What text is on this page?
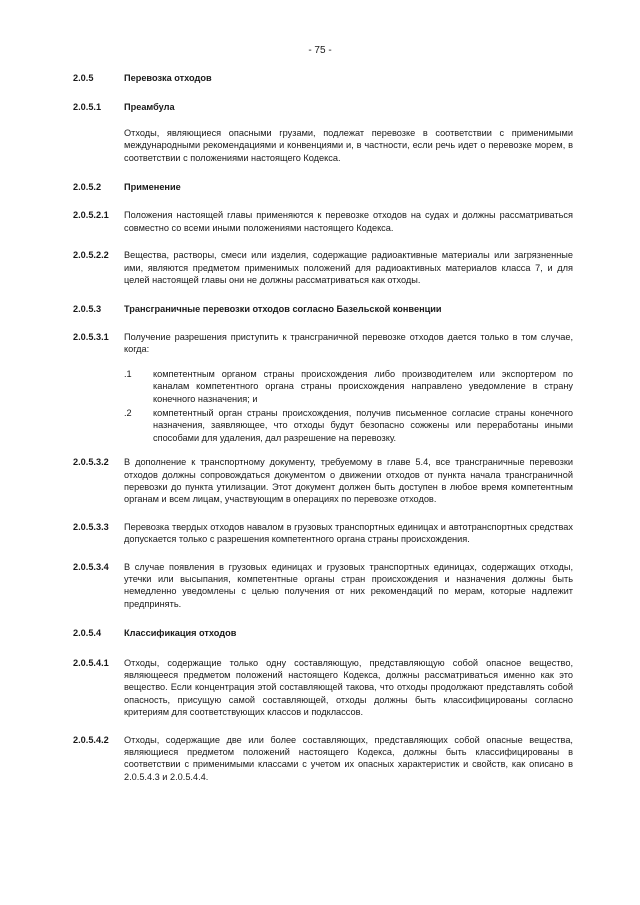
- 75 -
2.0.5	Перевозка отходов
2.0.5.1	Преамбула
Отходы, являющиеся опасными грузами, подлежат перевозке в соответствии с применимыми международными рекомендациями и конвенциями и, в частности, если речь идет о перевозке морем, в соответствии с положениями настоящего Кодекса.
2.0.5.2	Применение
2.0.5.2.1	Положения настоящей главы применяются к перевозке отходов на судах и должны рассматриваться совместно со всеми иными положениями настоящего Кодекса.
2.0.5.2.2	Вещества, растворы, смеси или изделия, содержащие радиоактивные материалы или загрязненные ими, являются предметом применимых положений для радиоактивных материалов класса 7, и для целей настоящей главы они не должны рассматриваться как отходы.
2.0.5.3	Трансграничные перевозки отходов согласно Базельской конвенции
2.0.5.3.1	Получение разрешения приступить к трансграничной перевозке отходов дается только в том случае, когда:
.1	компетентным органом страны происхождения либо производителем или экспортером по каналам компетентного органа страны происхождения направлено уведомление в страну конечного назначения; и
.2	компетентный орган страны происхождения, получив письменное согласие страны конечного назначения, заявляющее, что отходы будут безопасно сожжены или переработаны иными способами для удаления, дал разрешение на перевозку.
2.0.5.3.2	В дополнение к транспортному документу, требуемому в главе 5.4, все трансграничные перевозки отходов должны сопровождаться документом о движении отходов от пункта начала трансграничной перевозки до пункта утилизации. Этот документ должен быть доступен в любое время компетентным органам и всем лицам, участвующим в операциях по перевозке отходов.
2.0.5.3.3	Перевозка твердых отходов навалом в грузовых транспортных единицах и автотранспортных средствах допускается только с разрешения компетентного органа страны происхождения.
2.0.5.3.4	В случае появления в грузовых единицах и грузовых транспортных единицах, содержащих отходы, утечки или высыпания, компетентные органы стран происхождения и назначения должны быть немедленно уведомлены с целью получения от них рекомендаций по мерам, которые надлежит предпринять.
2.0.5.4	Классификация отходов
2.0.5.4.1	Отходы, содержащие только одну составляющую, представляющую собой опасное вещество, являющееся предметом положений настоящего Кодекса, должны рассматриваться именно как это вещество. Если концентрация этой составляющей такова, что отходы продолжают представлять собой опасность, присущую самой составляющей, отходы должны быть классифицированы согласно критериям для соответствующих классов и подклассов.
2.0.5.4.2	Отходы, содержащие две или более составляющих, представляющих собой опасные вещества, являющиеся предметом положений настоящего Кодекса, должны быть классифицированы в соответствии с применимыми классами с учетом их опасных характеристик и свойств, как описано в 2.0.5.4.3 и 2.0.5.4.4.
